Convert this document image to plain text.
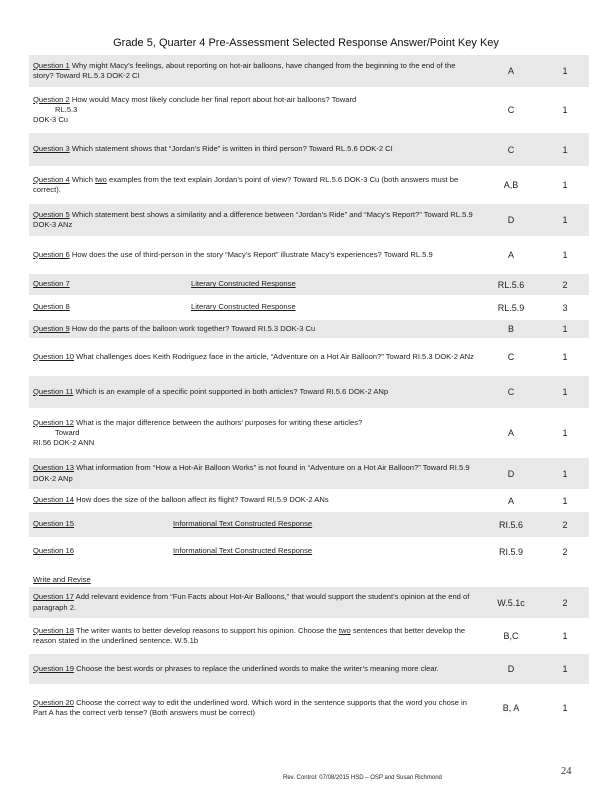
Grade 5, Quarter 4 Pre-Assessment Selected Response Answer/Point Key Key
Question 1 Why might Macy’s feelings, about reporting on hot-air balloons, have changed from the beginning to the end of the story? Toward RL.5.3 DOK-2 CI	A	1
Question 2 How would Macy most likely conclude her final report about hot-air balloons? Toward
RL.5.3
DOK-3 Cu	C	1
Question 3 Which statement shows that “Jordan’s Ride” is written in third person? Toward RL.5.6 DOK-2 CI	C	1
Question 4 Which two examples from the text explain Jordan’s point of view? Toward RL.5.6 DOK-3 Cu (both answers must be correct).	A,B	1
Question 5 Which statement best shows a similarity and a difference between “Jordan’s Ride” and “Macy’s Report?” Toward RL.5.9 DOK-3 ANz	D	1
Question 6 How does the use of third-person in the story “Macy’s Report” illustrate Macy’s experiences? Toward RL.5.9	A	1

Question 7 Literary Constructed Response	RL.5.6	2

Question 8 Literary Constructed Response	RL.5.9	3
Question 9 How do the parts of the balloon work together? Toward RI.5.3 DOK-3 Cu	B	1
Question 10 What challenges does Keith Rodriguez face in the article, “Adventure on a Hot Air Balloon?” Toward RI.5.3 DOK-2 ANz	C	1
Question 11 Which is an example of a specific point supported in both articles? Toward RI.5.6 DOK-2 ANp	C	1
Question 12 What is the major difference between the authors’ purposes for writing these articles?
Toward
RI.56 DOK-2 ANN	A	1
Question 13 What information from “How a Hot-Air Balloon Works” is not found in “Adventure on a Hot Air Balloon?” Toward RI.5.9 DOK-2 ANp	D	1
Question 14 How does the size of the balloon affect its flight? Toward RI.5.9 DOK-2 ANs	A	1

Question 15 Informational Text Constructed Response	RI.5.6	2

Question 16 Informational Text Constructed Response	RI.5.9	2
Write and Revise		
Question 17 Add relevant evidence from “Fun Facts about Hot-Air Balloons,” that would support the student’s opinion at the end of paragraph 2.	W.5.1c	2
Question 18 The writer wants to better develop reasons to support his opinion. Choose the two sentences that better develop the reason stated in the underlined sentence. W.5.1b	B,C	1
Question 19 Choose the best words or phrases to replace the underlined words to make the writer’s meaning more clear.	D	1
Question 20 Choose the correct way to edit the underlined word. Which word in the sentence supports that the word you chose in Part A has the correct verb tense? (Both answers must be correct)	B, A	1
24
Rev. Control: 07/08/2015 HSD – OSP and Susan Richmond
